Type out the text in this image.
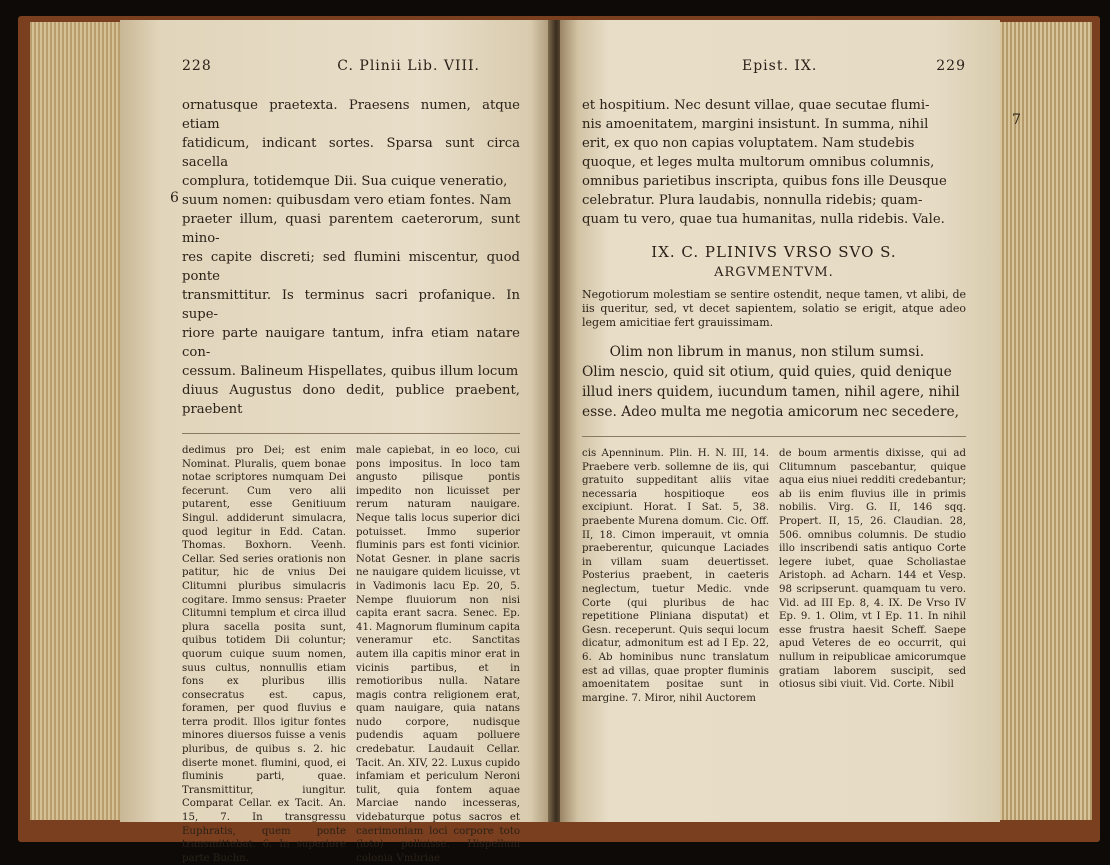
228	C. Plinii Lib. VIII.

ornatusque praetexta. Praesens numen, atque etiam

fatidicum, indicant sortes. Sparsa sunt circa sacella

complura, totidemque Dii. Sua cuique veneratio,

suum nomen: quibusdam vero etiam fontes. Nam

praeter illum, quasi parentem caeterorum, sunt mino-

res capite discreti; sed flumini miscentur, quod ponte

transmittitur. Is terminus sacri profanique. In supe-

riore parte nauigare tantum, infra etiam natare con-

cessum. Balineum Hispellates, quibus illum locum

diuus Augustus dono dedit, publice praebent, praebent

dedimus pro Dei; est enim Nominat. Pluralis, quem bonae notae scriptores numquam Dei fecerunt. Cum vero alii putarent, esse Genitiuum Singul. addiderunt simulacra, quod legitur in Edd. Catan. Thomas. Boxhorn. Veenh. Cellar. Sed series orationis non patitur, hic de vnius Dei Clitumni pluribus simulacris cogitare. Immo sensus: Praeter Clitumni templum et circa illud plura sacella posita sunt, quibus totidem Dii coluntur; quorum cuique suum nomen, suus cultus, nonnullis etiam fons ex pluribus illis consecratus est. capus, foramen, per quod fluvius e terra prodit. Illos igitur fontes minores diuersos fuisse a venis pluribus, de quibus s. 2. hic diserte monet. flumini, quod, ei fluminis parti, quae. Transmittitur, iungitur. Comparat Cellar. ex Tacit. An. 15, 7. In transgressu Euphratis, quem ponte transmittebat. 6. In superiore parte Buchn.

male capiebat, in eo loco, cui pons impositus. In loco tam angusto pilisque pontis impedito non licuisset per rerum naturam nauigare. Neque talis locus superior dici potuisset. Immo superior fluminis pars est fonti vicinior. Notat Gesner. in plane sacris ne nauigare quidem licuisse, vt in Vadimonis lacu Ep. 20, 5. Nempe fluuiorum non nisi capita erant sacra. Senec. Ep. 41. Magnorum fluminum capita veneramur etc. Sanctitas autem illa capitis minor erat in vicinis partibus, et in remotioribus nulla. Natare magis contra religionem erat, quam nauigare, quia natans nudo corpore, nudisque pudendis aquam polluere credebatur. Laudauit Cellar. Tacit. An. XIV, 22. Luxus cupido infamiam et periculum Neroni tulit, quia fontem aquae Marciae nando incesseras, videbaturque potus sacros et caerimoniam loci corpore toto (loto) polluisse. Hispellum colonia Vmbriae

6
Epist. IX.	229

et hospitium. Nec desunt villae, quae secutae flumi-

nis amoenitatem, margini insistunt. In summa, nihil

erit, ex quo non capias voluptatem. Nam studebis

quoque, et leges multa multorum omnibus columnis,

omnibus parietibus inscripta, quibus fons ille Deusque

celebratur. Plura laudabis, nonnulla ridebis; quam-

quam tu vero, quae tua humanitas, nulla ridebis. Vale.

IX. C. PLINIVS VRSO SVO S.
ARGVMENTVM.
Negotiorum molestiam se sentire ostendit, neque tamen, vt alibi, de iis queritur, sed, vt decet sapientem, solatio se erigit, atque adeo legem amicitiae fert grauissimam.

Olim non librum in manus, non stilum sumsi.

Olim nescio, quid sit otium, quid quies, quid denique

illud iners quidem, iucundum tamen, nihil agere, nihil

esse. Adeo multa me negotia amicorum nec secedere,

cis Apenninum. Plin. H. N. III, 14. Praebere verb. sollemne de iis, qui gratuito suppeditant aliis vitae necessaria hospitioque eos excipiunt. Horat. I Sat. 5, 38. praebente Murena domum. Cic. Off. II, 18. Cimon imperauit, vt omnia praeberentur, quicunque Laciades in villam suam deuertisset. Posterius praebent, in caeteris neglectum, tuetur Medic. vnde Corte (qui pluribus de hac repetitione Pliniana disputat) et Gesn. receperunt. Quis sequi locum dicatur, admonitum est ad I Ep. 22, 6. Ab hominibus nunc translatum est ad villas, quae propter fluminis amoenitatem positae sunt in margine. 7. Miror, nihil Auctorem

de boum armentis dixisse, qui ad Clitumnum pascebantur, quique aqua eius niuei redditi credebantur; ab iis enim fluvius ille in primis nobilis. Virg. G. II, 146 sqq. Propert. II, 15, 26. Claudian. 28, 506. omnibus columnis. De studio illo inscribendi satis antiquo Corte legere iubet, quae Scholiastae Aristoph. ad Acharn. 144 et Vesp. 98 scripserunt. quamquam tu vero. Vid. ad III Ep. 8, 4. IX. De Vrso IV Ep. 9. 1. Olim, vt I Ep. 11. In nihil esse frustra haesit Scheff. Saepe apud Veteres de eo occurrit, qui nullum in reipublicae amicorumque gratiam laborem suscipit, sed otiosus sibi viuit. Vid. Corte. Nibil

7
